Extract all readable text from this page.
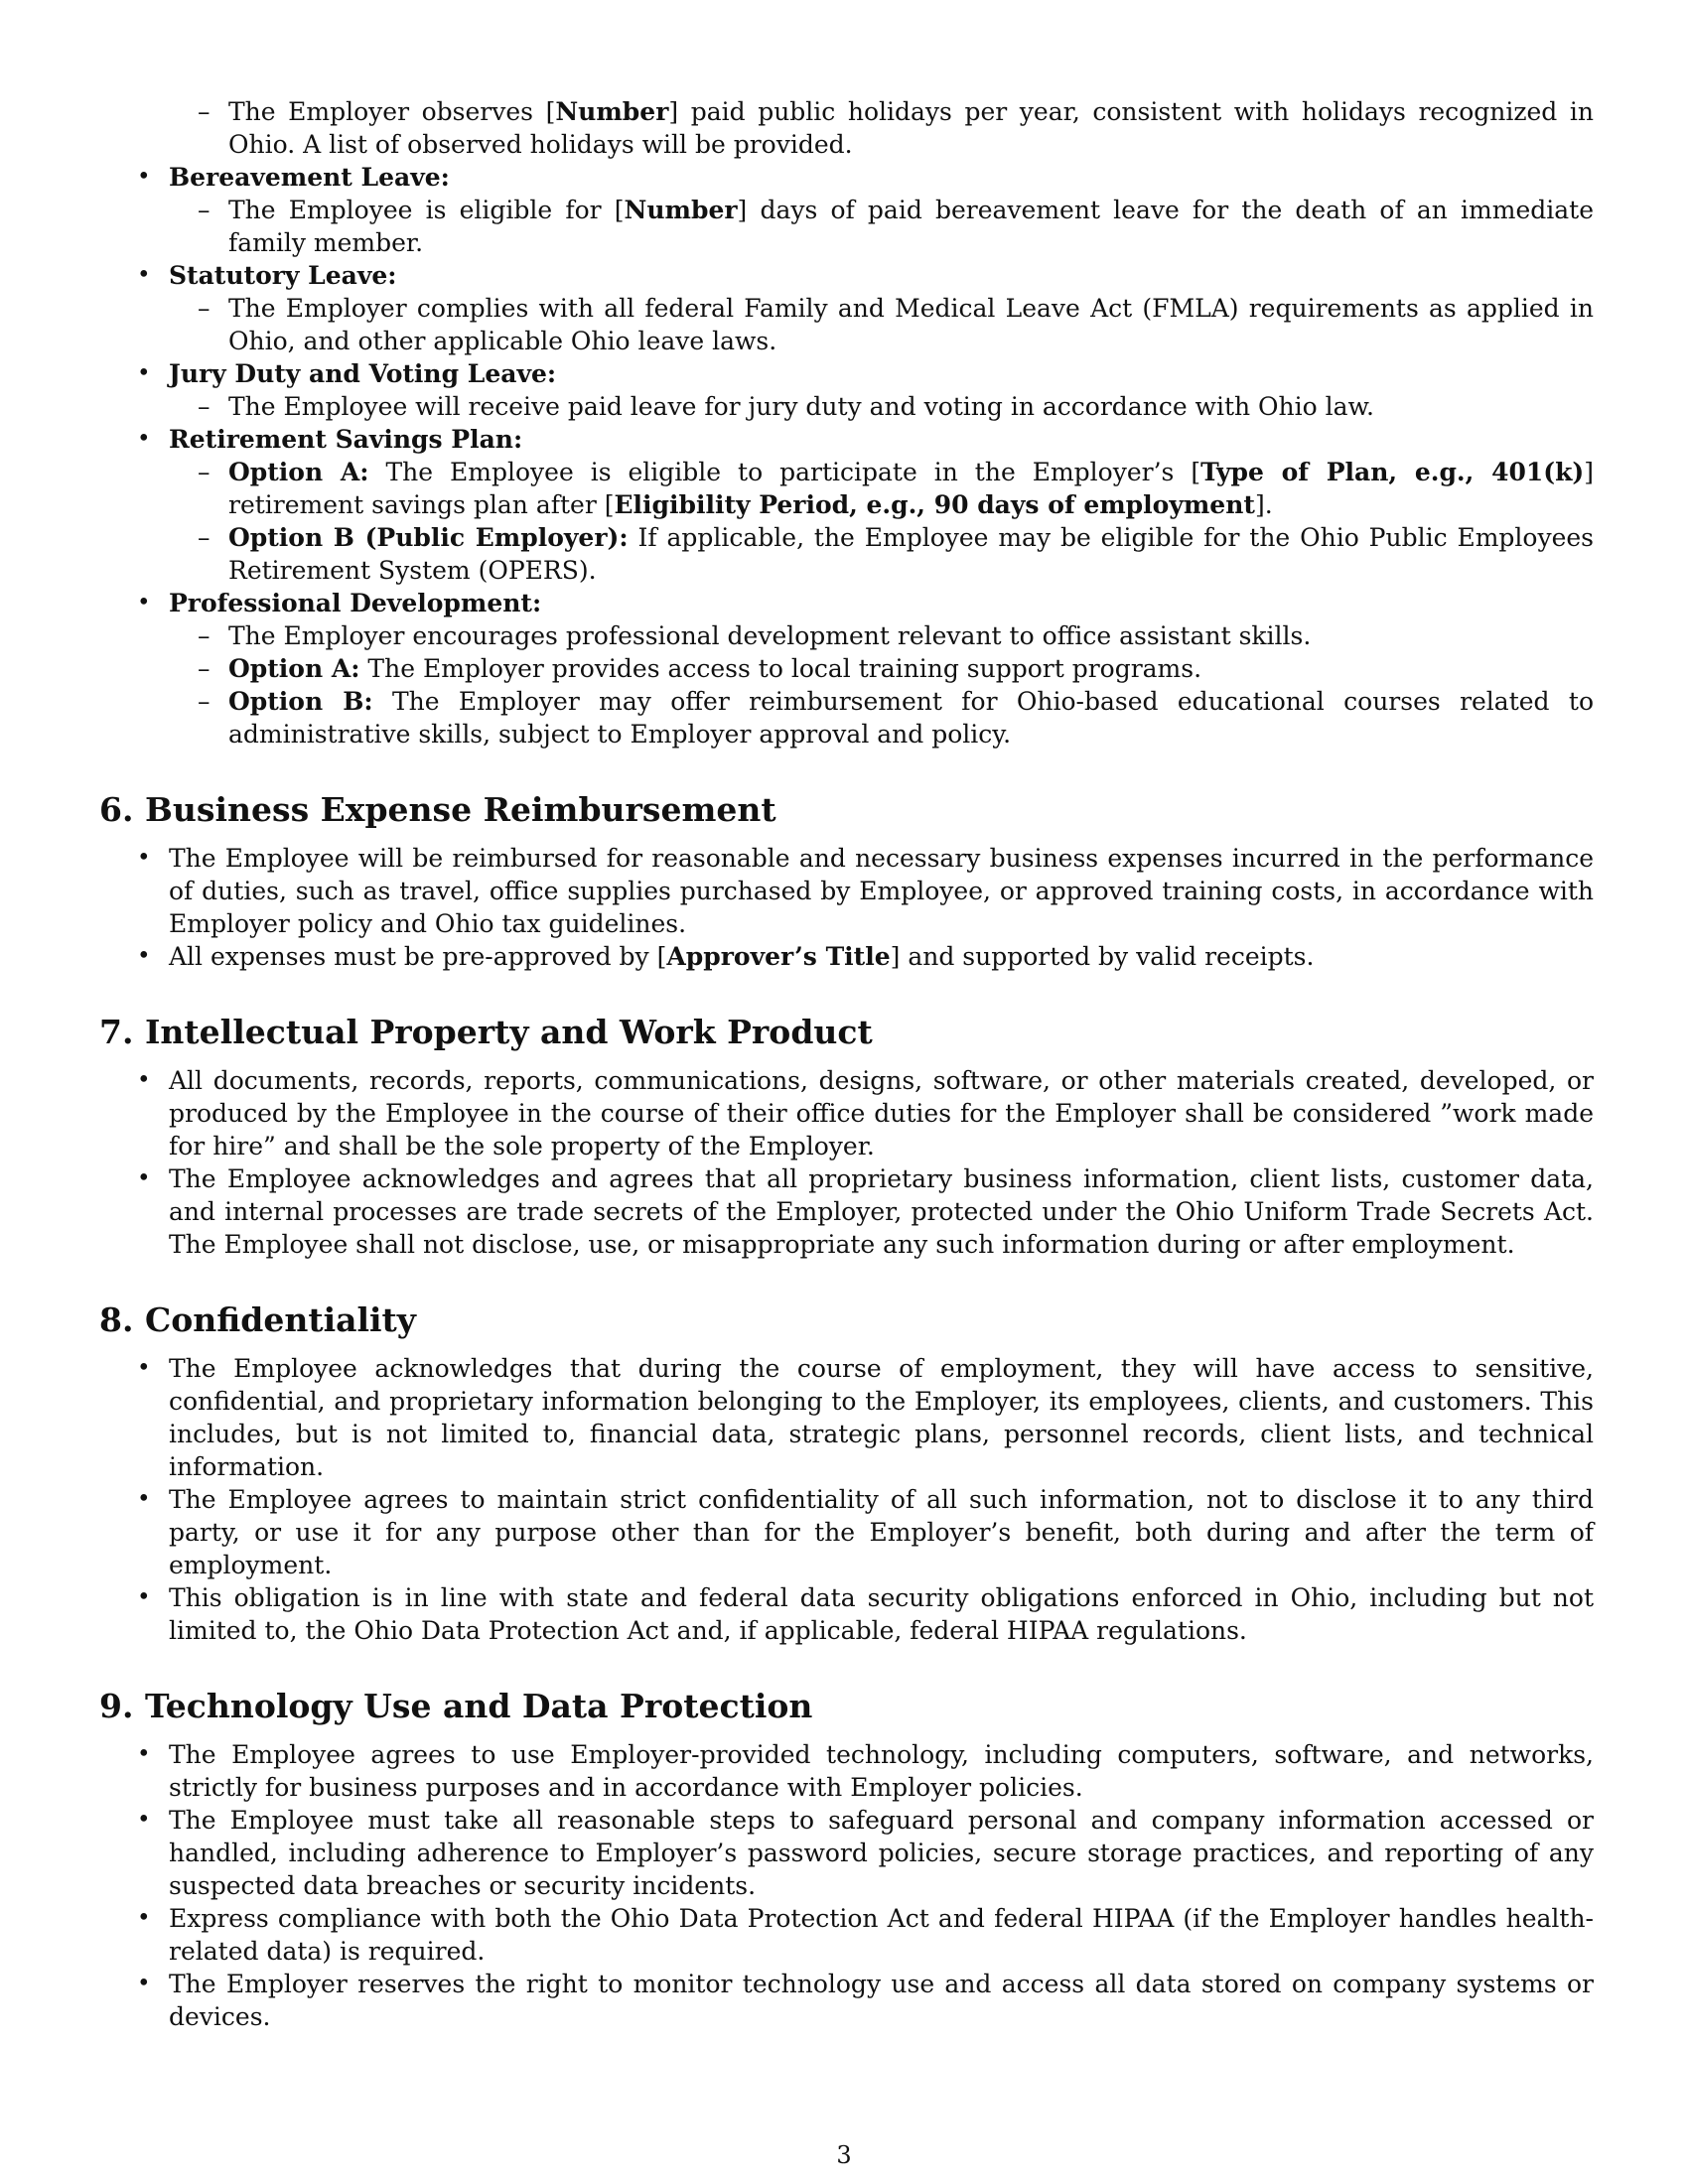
– The Employer observes [Number] paid public holidays per year, consistent with holidays recognized in Ohio. A list of observed holidays will be provided.
• Bereavement Leave:
– The Employee is eligible for [Number] days of paid bereavement leave for the death of an immediate family member.
• Statutory Leave:
– The Employer complies with all federal Family and Medical Leave Act (FMLA) requirements as applied in Ohio, and other applicable Ohio leave laws.
• Jury Duty and Voting Leave:
– The Employee will receive paid leave for jury duty and voting in accordance with Ohio law.
• Retirement Savings Plan:
– Option A: The Employee is eligible to participate in the Employer’s [Type of Plan, e.g., 401(k)] retirement savings plan after [Eligibility Period, e.g., 90 days of employment].
– Option B (Public Employer): If applicable, the Employee may be eligible for the Ohio Public Employees Retirement System (OPERS).
• Professional Development:
– The Employer encourages professional development relevant to office assistant skills.
– Option A: The Employer provides access to local training support programs.
– Option B: The Employer may offer reimbursement for Ohio-based educational courses related to administrative skills, subject to Employer approval and policy.
6. Business Expense Reimbursement
• The Employee will be reimbursed for reasonable and necessary business expenses incurred in the performance of duties, such as travel, office supplies purchased by Employee, or approved training costs, in accordance with Employer policy and Ohio tax guidelines.
• All expenses must be pre-approved by [Approver’s Title] and supported by valid receipts.
7. Intellectual Property and Work Product
• All documents, records, reports, communications, designs, software, or other materials created, developed, or produced by the Employee in the course of their office duties for the Employer shall be considered ”work made for hire” and shall be the sole property of the Employer.
• The Employee acknowledges and agrees that all proprietary business information, client lists, customer data, and internal processes are trade secrets of the Employer, protected under the Ohio Uniform Trade Secrets Act. The Employee shall not disclose, use, or misappropriate any such information during or after employment.
8. Confidentiality
• The Employee acknowledges that during the course of employment, they will have access to sensitive, confidential, and proprietary information belonging to the Employer, its employees, clients, and customers. This includes, but is not limited to, financial data, strategic plans, personnel records, client lists, and technical information.
• The Employee agrees to maintain strict confidentiality of all such information, not to disclose it to any third party, or use it for any purpose other than for the Employer’s benefit, both during and after the term of employment.
• This obligation is in line with state and federal data security obligations enforced in Ohio, including but not limited to, the Ohio Data Protection Act and, if applicable, federal HIPAA regulations.
9. Technology Use and Data Protection
• The Employee agrees to use Employer-provided technology, including computers, software, and networks, strictly for business purposes and in accordance with Employer policies.
• The Employee must take all reasonable steps to safeguard personal and company information accessed or handled, including adherence to Employer’s password policies, secure storage practices, and reporting of any suspected data breaches or security incidents.
• Express compliance with both the Ohio Data Protection Act and federal HIPAA (if the Employer handles health-related data) is required.
• The Employer reserves the right to monitor technology use and access all data stored on company systems or devices.
3
